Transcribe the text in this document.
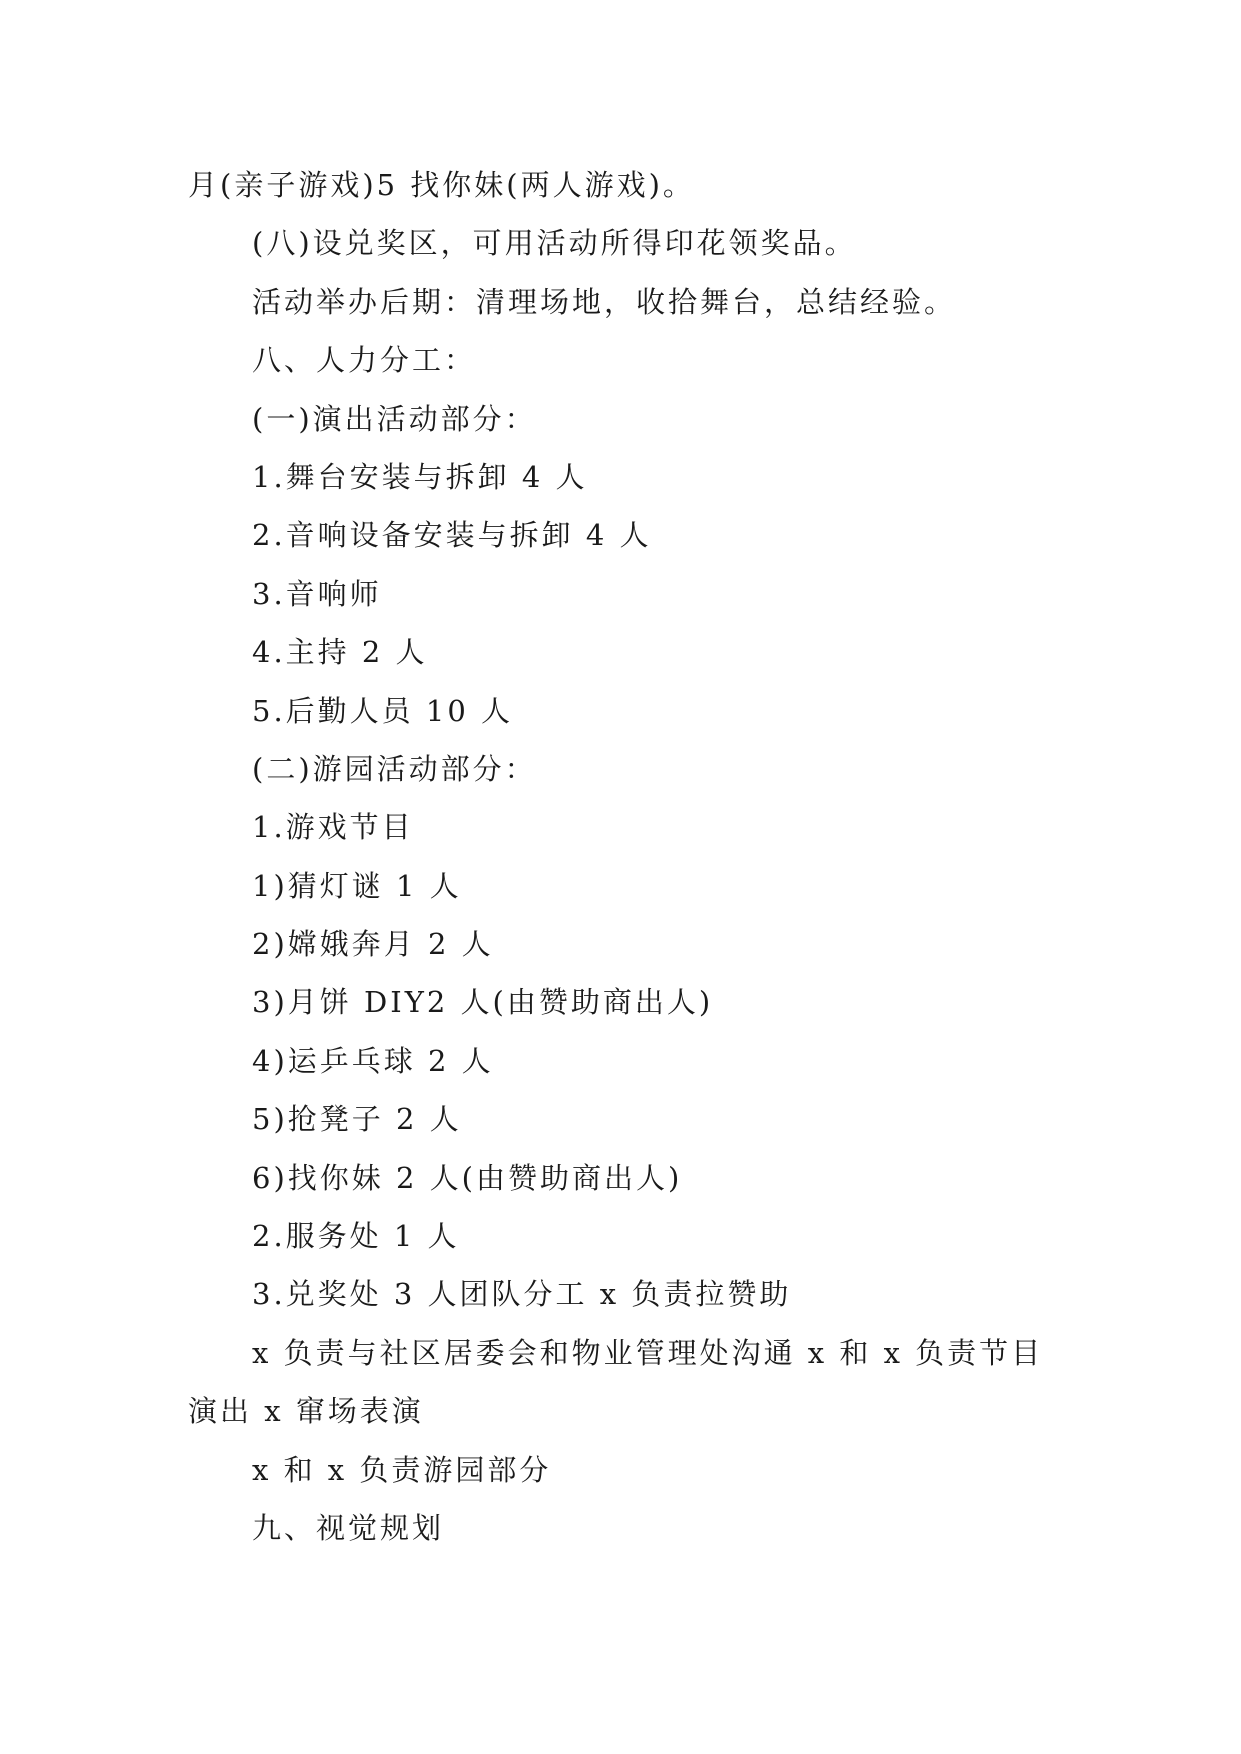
月(亲子游戏)5 找你妹(两人游戏)。
(八)设兑奖区，可用活动所得印花领奖品。
活动举办后期：清理场地，收拾舞台，总结经验。
八、人力分工：
(一)演出活动部分：
1.舞台安装与拆卸 4 人
2.音响设备安装与拆卸 4 人
3.音响师
4.主持 2 人
5.后勤人员 10 人
(二)游园活动部分：
1.游戏节目
1)猜灯谜 1 人
2)嫦娥奔月 2 人
3)月饼 DIY2 人(由赞助商出人)
4)运乒乓球 2 人
5)抢凳子 2 人
6)找你妹 2 人(由赞助商出人)
2.服务处 1 人
3.兑奖处 3 人团队分工 x 负责拉赞助
x 负责与社区居委会和物业管理处沟通 x 和 x 负责节目
演出 x 窜场表演
x 和 x 负责游园部分
九、视觉规划
